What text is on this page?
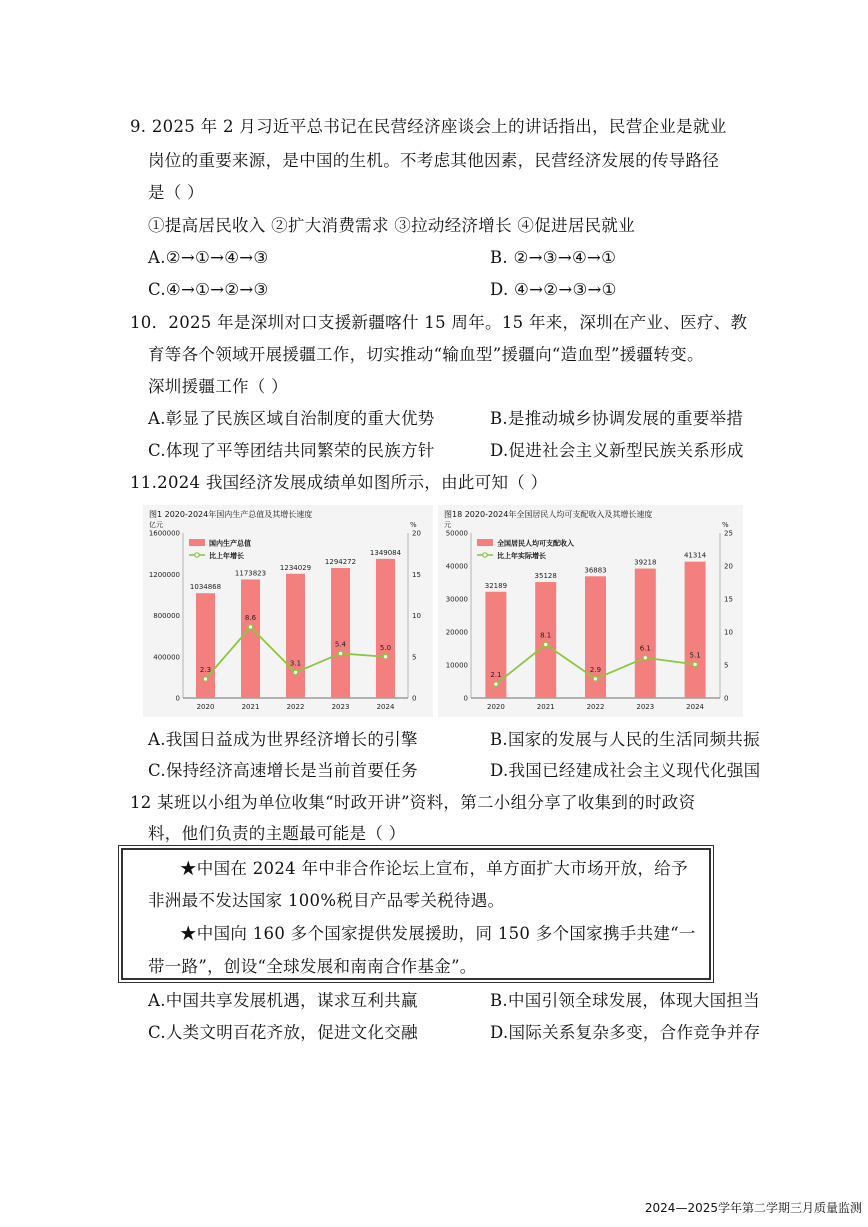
9. 2025 年 2 月习近平总书记在民营经济座谈会上的讲话指出，民营企业是就业
岗位的重要来源，是中国的生机。不考虑其他因素，民营经济发展的传导路径
是（ ）
①提高居民收入 ②扩大消费需求 ③拉动经济增长 ④促进居民就业
A.②→①→④→③	B. ②→③→④→①
C.④→①→②→③	D. ④→②→③→①
10．2025 年是深圳对口支援新疆喀什 15 周年。15 年来，深圳在产业、医疗、教
育等各个领域开展援疆工作，切实推动“输血型”援疆向“造血型”援疆转变。
深圳援疆工作（ ）
A.彰显了民族区域自治制度的重大优势	B.是推动城乡协调发展的重要举措
C.体现了平等团结共同繁荣的民族方针	D.促进社会主义新型民族关系形成
11.2024 我国经济发展成绩单如图所示，由此可知（ ）
图1 2020-2024年国内生产总值及其增长速度
亿元	%
0
400000
800000
1200000
1600000
0
5
10
15
20
1034868
2020
1173823
2021
1234029
2022
1294272
2023
1349084
2024
2.3
8.6
3.1
5.4	5.0
国内生产总值
比上年增长
图18 2020-2024年全国居民人均可支配收入及其增长速度
元	%
0
10000
20000
30000
40000
50000
0
5
10
15
20
25
32189
2020
35128
2021
36883
2022
39218
2023
41314
2024
2.1
8.1
2.9
6.1
5.1
全国居民人均可支配收入
比上年实际增长
A.我国日益成为世界经济增长的引擎	B.国家的发展与人民的生活同频共振
C.保持经济高速增长是当前首要任务	D.我国已经建成社会主义现代化强国
12 某班以小组为单位收集“时政开讲”资料，第二小组分享了收集到的时政资
料，他们负责的主题最可能是（ ）
★中国在 2024 年中非合作论坛上宣布，单方面扩大市场开放，给予
非洲最不发达国家 100%税目产品零关税待遇。
★中国向 160 多个国家提供发展援助，同 150 多个国家携手共建“一
带一路”，创设“全球发展和南南合作基金”。
A.中国共享发展机遇，谋求互利共赢	B.中国引领全球发展，体现大国担当
C.人类文明百花齐放，促进文化交融	D.国际关系复杂多变，合作竞争并存
2024—2025学年第二学期三月质量监测
